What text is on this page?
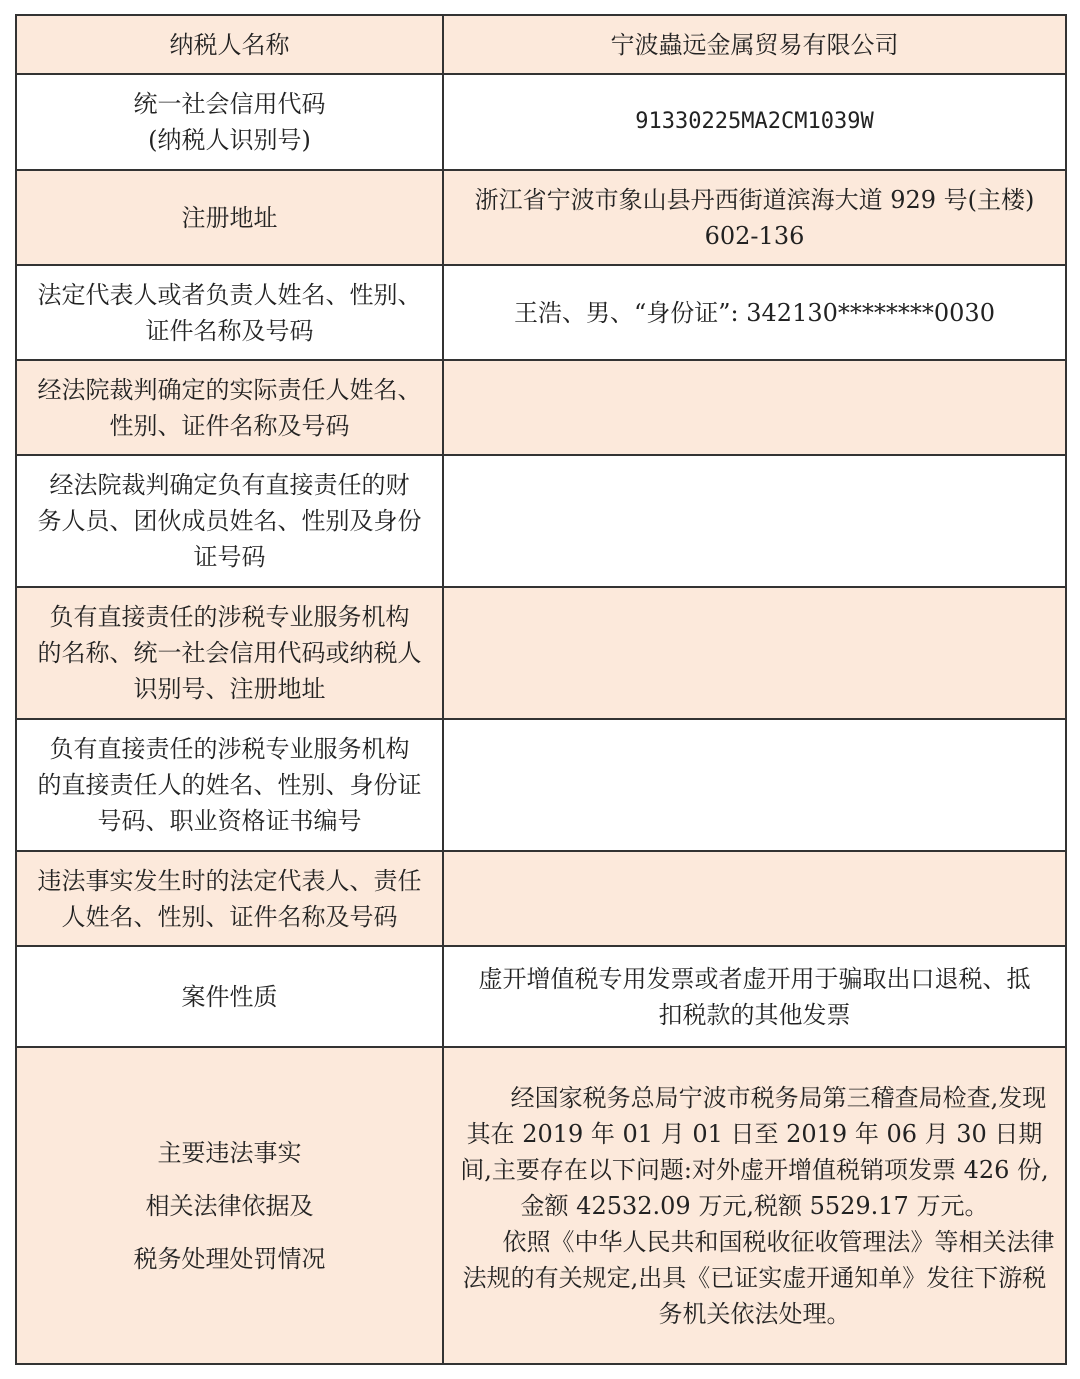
纳税人名称	宁波蟲远金属贸易有限公司

统一社会信用代码
(纳税人识别号)	91330225MA2CM1039W

注册地址	浙江省宁波市象山县丹西街道滨海大道 929 号(主楼)
602-136

法定代表人或者负责人姓名、性别、
证件名称及号码	王浩、男、“身份证”: 342130********0030

经法院裁判确定的实际责任人姓名、
性别、证件名称及号码	

经法院裁判确定负有直接责任的财
务人员、团伙成员姓名、性别及身份
证号码	

负有直接责任的涉税专业服务机构
的名称、统一社会信用代码或纳税人
识别号、注册地址	

负有直接责任的涉税专业服务机构
的直接责任人的姓名、性别、身份证
号码、职业资格证书编号	

违法事实发生时的法定代表人、责任
人姓名、性别、证件名称及号码	

案件性质	虚开增值税专用发票或者虚开用于骗取出口退税、抵
扣税款的其他发票

主要违法事实
相关法律依据及
税务处理处罚情况	经国家税务总局宁波市税务局第三稽查局检查,发现其在 2019 年 01 月 01 日至 2019 年 06 月 30 日期间,主要存在以下问题:对外虚开增值税销项发票 426 份,金额 42532.09 万元,税额 5529.17 万元。
依照《中华人民共和国税收征收管理法》等相关法律法规的有关规定,出具《已证实虚开通知单》发往下游税务机关依法处理。
